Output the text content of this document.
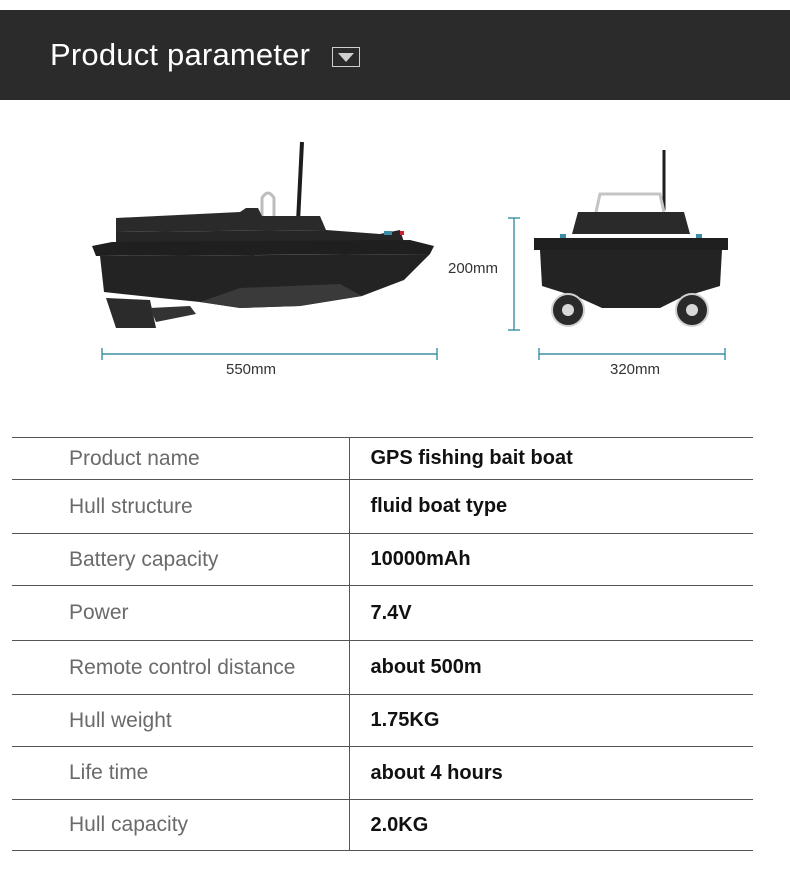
Product parameter
550mm
200mm
320mm
Product name	GPS fishing bait boat
Hull structure	fluid boat type
Battery capacity	10000mAh
Power	7.4V
Remote control distance	about 500m
Hull weight	1.75KG
Life time	about 4 hours
Hull capacity	2.0KG
